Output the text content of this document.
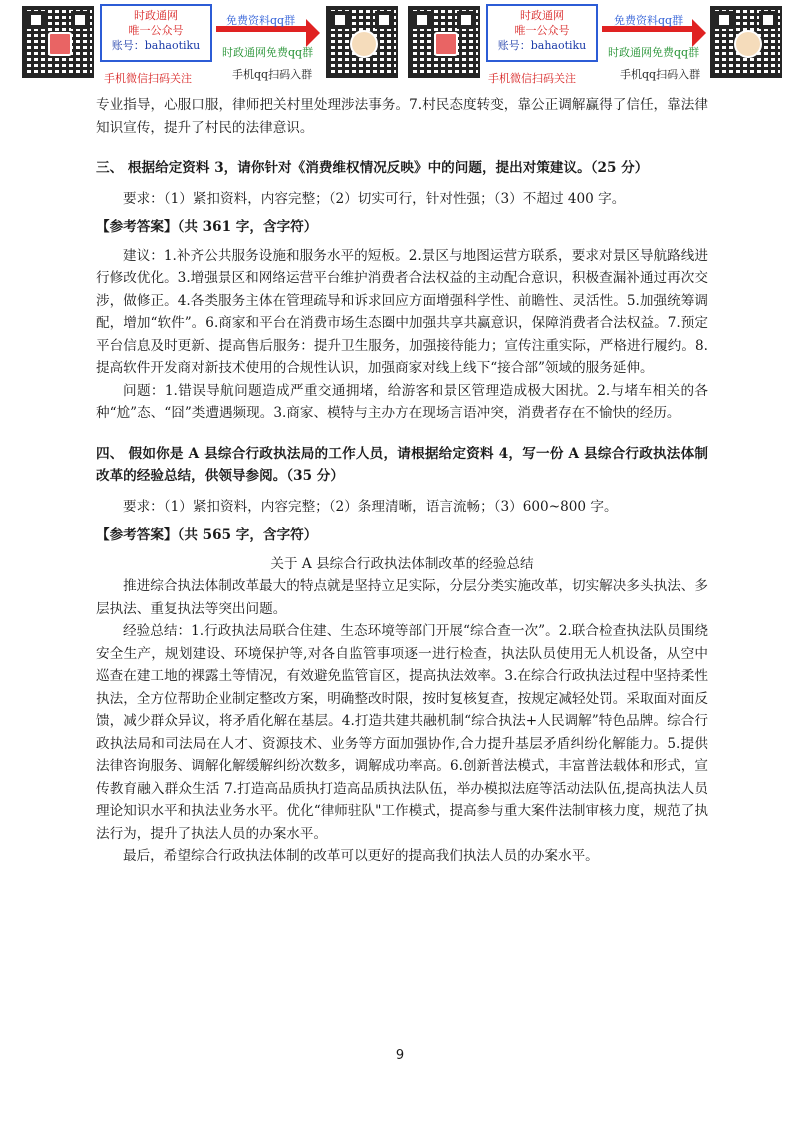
时政通网
唯一公众号
账号：bahaotiku
手机微信扫码关注
免费资料qq群
时政通网免费qq群
手机qq扫码入群
时政通网
唯一公众号
账号：bahaotiku
手机微信扫码关注
免费资料qq群
时政通网免费qq群
手机qq扫码入群

专业指导，心服口服，律师把关村里处理涉法事务。7.村民态度转变，靠公正调解赢得了信任，靠法律知识宣传，提升了村民的法律意识。

三、 根据给定资料 3，请你针对《消费维权情况反映》中的问题，提出对策建议。（25 分）

要求：（1）紧扣资料，内容完整；（2）切实可行，针对性强；（3）不超过 400 字。

【参考答案】（共 361 字，含字符）

建议：1.补齐公共服务设施和服务水平的短板。2.景区与地图运营方联系，要求对景区导航路线进行修改优化。3.增强景区和网络运营平台维护消费者合法权益的主动配合意识，积极查漏补通过再次交涉，做修正。4.各类服务主体在管理疏导和诉求回应方面增强科学性、前瞻性、灵活性。5.加强统筹调配，增加“软件”。6.商家和平台在消费市场生态圈中加强共享共赢意识，保障消费者合法权益。7.预定平台信息及时更新、提高售后服务：提升卫生服务，加强接待能力；宣传注重实际，严格进行履约。8.提高软件开发商对新技术使用的合规性认识，加强商家对线上线下“接合部”领域的服务延伸。

问题：1.错误导航问题造成严重交通拥堵，给游客和景区管理造成极大困扰。2.与堵车相关的各种“尬”态、“囧”类遭遇频现。3.商家、模特与主办方在现场言语冲突，消费者存在不愉快的经历。

四、 假如你是 A 县综合行政执法局的工作人员，请根据给定资料 4，写一份 A 县综合行政执法体制改革的经验总结，供领导参阅。（35 分）

要求：（1）紧扣资料，内容完整；（2）条理清晰，语言流畅；（3）600~800 字。

【参考答案】（共 565 字，含字符）

关于 A 县综合行政执法体制改革的经验总结

推进综合执法体制改革最大的特点就是坚持立足实际，分层分类实施改革，切实解决多头执法、多层执法、重复执法等突出问题。

经验总结：1.行政执法局联合住建、生态环境等部门开展“综合查一次”。2.联合检查执法队员围绕安全生产，规划建设、环境保护等,对各自监管事项逐一进行检查，执法队员使用无人机设备，从空中巡查在建工地的裸露土等情况，有效避免监管盲区，提高执法效率。3.在综合行政执法过程中坚持柔性执法，全方位帮助企业制定整改方案，明确整改时限，按时复核复查，按规定减轻处罚。采取面对面反馈，减少群众异议，将矛盾化解在基层。4.打造共建共融机制“综合执法+人民调解”特色品牌。综合行政执法局和司法局在人才、资源技术、业务等方面加强协作,合力提升基层矛盾纠纷化解能力。5.提供法律咨询服务、调解化解缓解纠纷次数多，调解成功率高。6.创新普法模式，丰富普法载体和形式，宣传教育融入群众生活 7.打造高品质执打造高品质执法队伍，举办模拟法庭等活动法队伍,提高执法人员理论知识水平和执法业务水平。优化“律师驻队"工作模式，提高参与重大案件法制审核力度，规范了执法行为，提升了执法人员的办案水平。

最后，希望综合行政执法体制的改革可以更好的提高我们执法人员的办案水平。

9
